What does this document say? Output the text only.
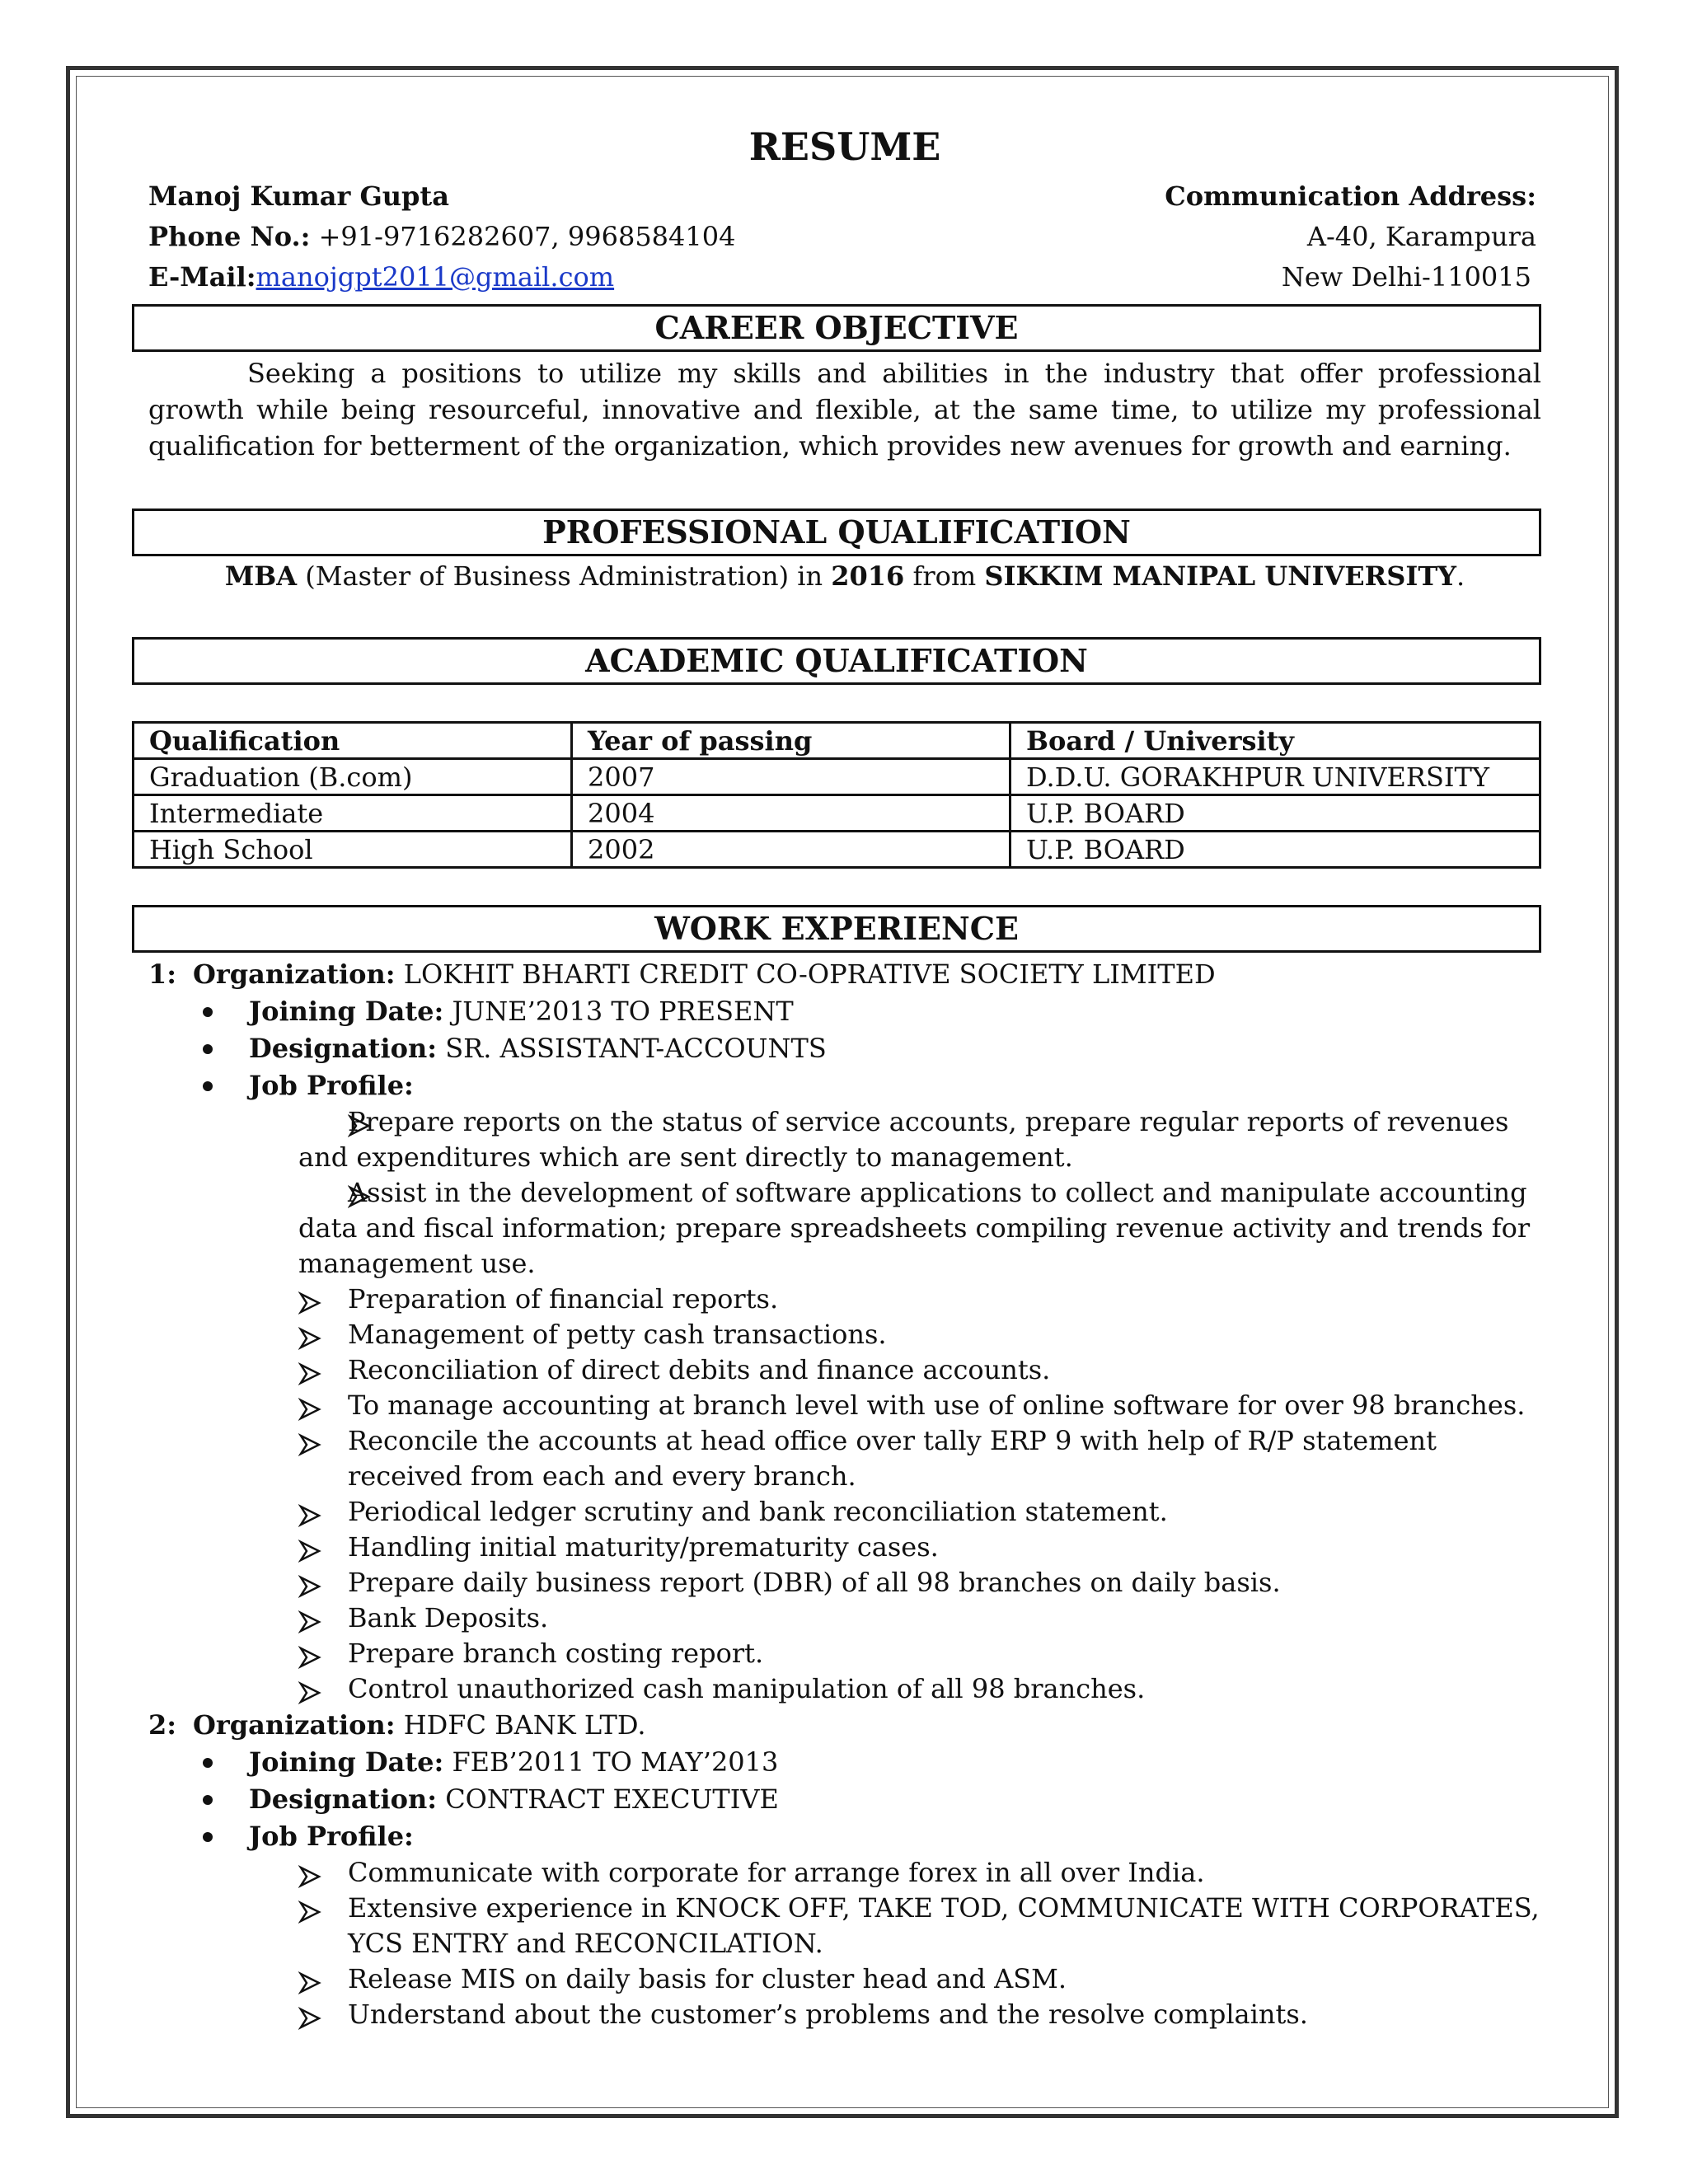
RESUME
Manoj Kumar Gupta	Communication Address:
Phone No.: +91-9716282607, 9968584104	A-40, Karampura
E-Mail:manojgpt2011@gmail.com	New Delhi-110015
CAREER OBJECTIVE
Seeking a positions to utilize my skills and abilities in the industry that offer professional growth while being resourceful, innovative and flexible, at the same time, to utilize my professional qualification for betterment of the organization, which provides new avenues for growth and earning.
PROFESSIONAL QUALIFICATION
MBA (Master of Business Administration) in 2016 from SIKKIM MANIPAL UNIVERSITY.
ACADEMIC QUALIFICATION
Qualification	Year of passing	Board / University
Graduation (B.com)	2007	D.D.U. GORAKHPUR UNIVERSITY
Intermediate	2004	U.P. BOARD
High School	2002	U.P. BOARD
WORK EXPERIENCE
1: Organization: LOKHIT BHARTI CREDIT CO-OPRATIVE SOCIETY LIMITED
Joining Date: JUNE’2013 TO PRESENT
Designation: SR. ASSISTANT-ACCOUNTS
Job Profile:
Prepare reports on the status of service accounts, prepare regular reports of revenues and expenditures which are sent directly to management.
Assist in the development of software applications to collect and manipulate accounting data and fiscal information; prepare spreadsheets compiling revenue activity and trends for management use.
Preparation of financial reports.
Management of petty cash transactions.
Reconciliation of direct debits and finance accounts.
To manage accounting at branch level with use of online software for over 98 branches.
Reconcile the accounts at head office over tally ERP 9 with help of R/P statement received from each and every branch.
Periodical ledger scrutiny and bank reconciliation statement.
Handling initial maturity/prematurity cases.
Prepare daily business report (DBR) of all 98 branches on daily basis.
Bank Deposits.
Prepare branch costing report.
Control unauthorized cash manipulation of all 98 branches.
2: Organization: HDFC BANK LTD.
Joining Date: FEB’2011 TO MAY’2013
Designation: CONTRACT EXECUTIVE
Job Profile:
Communicate with corporate for arrange forex in all over India.
Extensive experience in KNOCK OFF, TAKE TOD, COMMUNICATE WITH CORPORATES, YCS ENTRY and RECONCILATION.
Release MIS on daily basis for cluster head and ASM.
Understand about the customer’s problems and the resolve complaints.
